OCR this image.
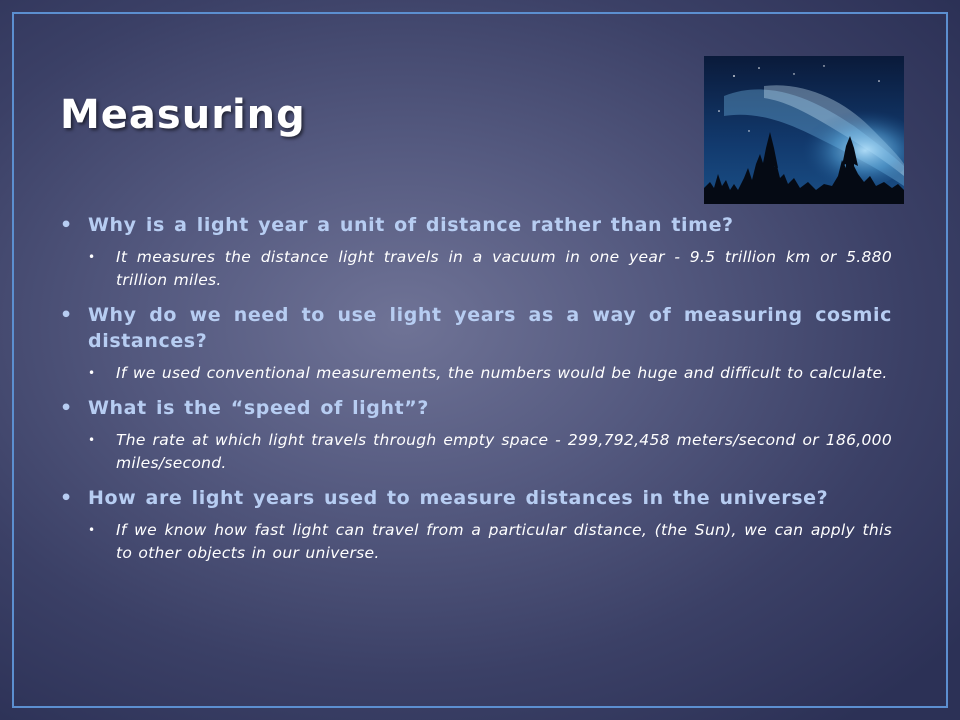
Measuring
• Why is a light year a unit of distance rather than time?
• It measures the distance light travels in a vacuum in one year - 9.5 trillion km or 5.880 trillion miles.
• Why do we need to use light years as a way of measuring cosmic distances?
• If we used conventional measurements, the numbers would be huge and difficult to calculate.
• What is the “speed of light”?
• The rate at which light travels through empty space - 299,792,458 meters/second or 186,000 miles/second.
• How are light years used to measure distances in the universe?
• If we know how fast light can travel from a particular distance, (the Sun), we can apply this to other objects in our universe.
